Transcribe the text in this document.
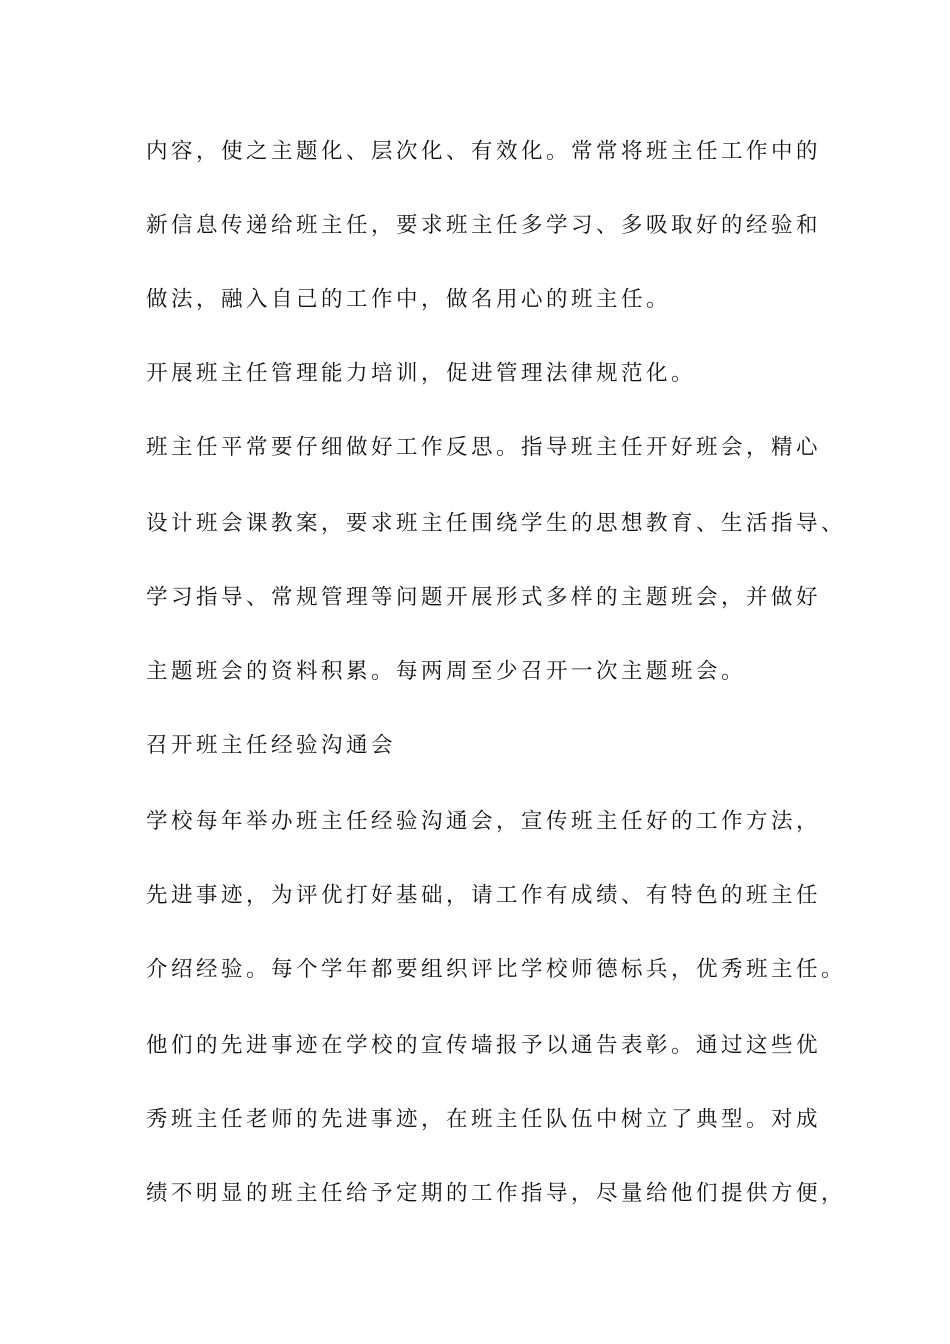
内容，使之主题化、层次化、有效化。常常将班主任工作中的
新信息传递给班主任，要求班主任多学习、多吸取好的经验和
做法，融入自己的工作中，做名用心的班主任。
开展班主任管理能力培训，促进管理法律规范化。
班主任平常要仔细做好工作反思。指导班主任开好班会，精心
设计班会课教案，要求班主任围绕学生的思想教育、生活指导、
学习指导、常规管理等问题开展形式多样的主题班会，并做好
主题班会的资料积累。每两周至少召开一次主题班会。
召开班主任经验沟通会
学校每年举办班主任经验沟通会，宣传班主任好的工作方法，
先进事迹，为评优打好基础，请工作有成绩、有特色的班主任
介绍经验。每个学年都要组织评比学校师德标兵，优秀班主任。
他们的先进事迹在学校的宣传墙报予以通告表彰。通过这些优
秀班主任老师的先进事迹，在班主任队伍中树立了典型。对成
绩不明显的班主任给予定期的工作指导，尽量给他们提供方便，
